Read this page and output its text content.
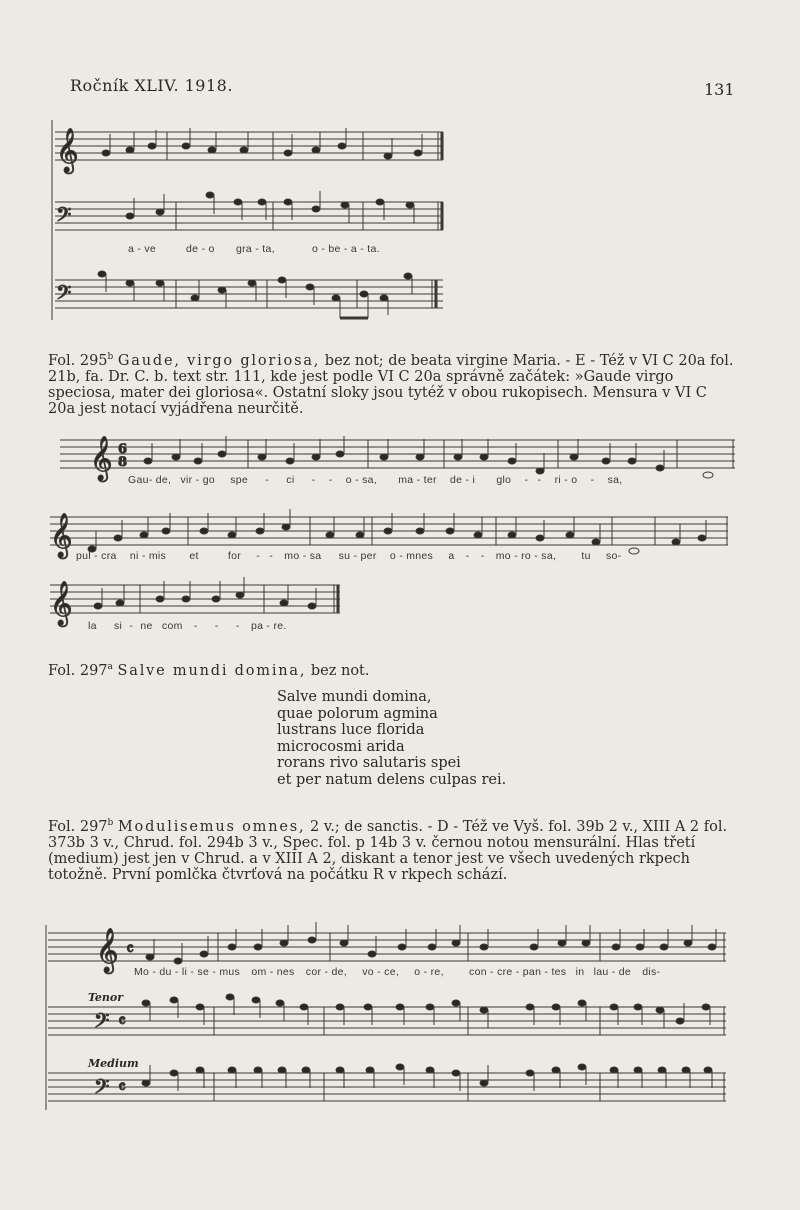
Ročník XLIV. 1918.	131
𝄞
𝄢
𝄢
a - ve	de - o gra - ta,	o - be - a - ta.
Fol. 295$^b$ Gaude, virgo gloriosa, bez not; de beata virgine Maria. - E - Též v VI C 20a fol. 21b, fa. Dr. C. b. text str. 111, kde jest podle VI C 20a správně začátek: »Gaude virgo speciosa, mater dei gloriosa«. Ostatní sloky jsou tytéž v obou rukopisech. Mensura v VI C 20a jest notací vyjádřena neurčitě.
𝄞 6
8
𝄞
𝄞
Gau- de, vir - go spe - ci - - o - sa, ma - ter de - i glo - - ri - o - sa,
pul - cra ni - mis et	for - - mo - sa su - per o - mnes a - - mo - ro - sa, tu so-
la si - ne com - - - pa - re.
Fol. 297$^a$ Salve mundi domina, bez not.
Salve mundi domina,
quae polorum agmina
lustrans luce florida
microcosmi arida
rorans rivo salutaris spei
et per natum delens culpas rei.
Fol. 297$^b$ Modulisemus omnes, 2 v.; de sanctis. - D - Též ve Vyš. fol. 39b 2 v., XIII A 2 fol. 373b 3 v., Chrud. fol. 294b 3 v., Spec. fol. p 14b 3 v. černou notou mensurální. Hlas třetí (medium) jest jen v Chrud. a v XIII A 2, diskant a tenor jest ve všech uvedených rkpech totožně. První pomlčka čtvrťová na počátku R v rkpech schází.
𝄞 𝄴
𝄢 𝄴
𝄢 𝄴
Mo - du - li - se - mus om - nes cor - de, vo - ce, o - re, con - cre - pan - tes in lau - de dis-
Tenor
Medium
